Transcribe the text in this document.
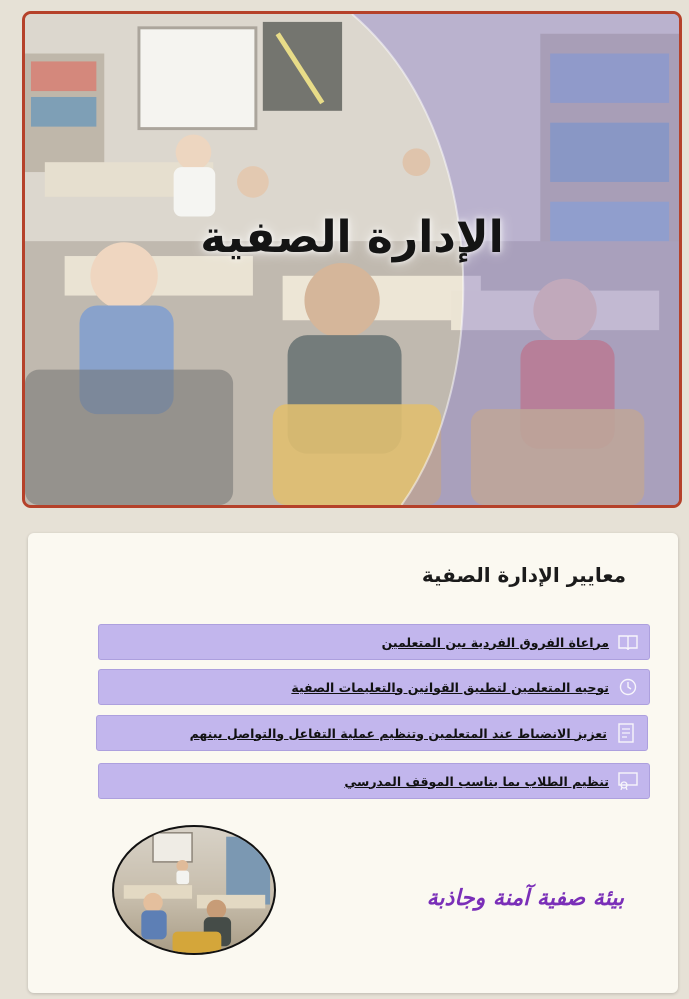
الإدارة الصفية
معايير الإدارة الصفية
مراعاة الفروق الفردية بين المتعلمين
توجيه المتعلمين لتطبيق القوانين والتعليمات الصفية
تعزيز الانضباط عند المتعلمين وتنظيم عملية التفاعل والتواصل بينهم
تنظيم الطلاب بما يناسب الموقف المدرسي
بيئة صفية آمنة وجاذبة
